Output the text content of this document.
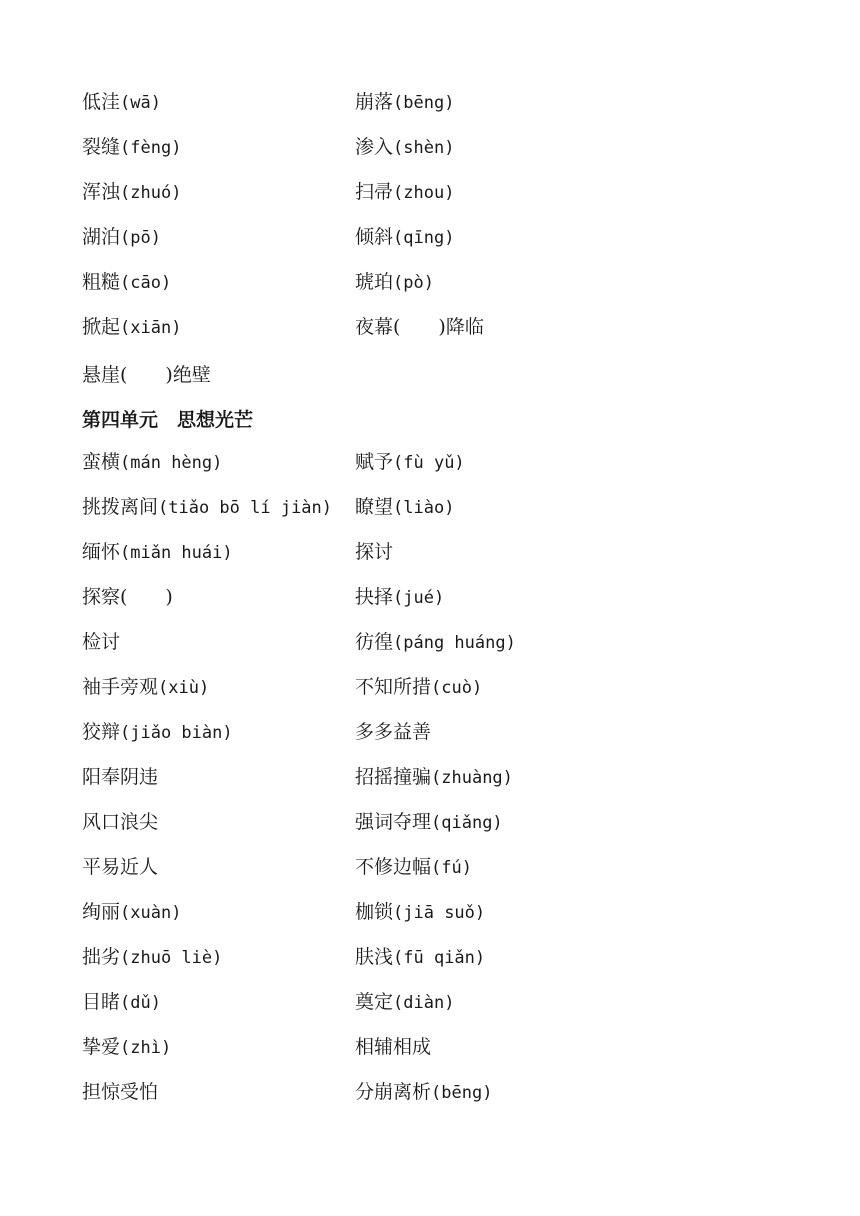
低洼(wā)	崩落(bēng)
裂缝(fèng)	渗入(shèn)
浑浊(zhuó)	扫帚(zhou)
湖泊(pō)	倾斜(qīng)
粗糙(cāo)	琥珀(pò)
掀起(xiān)	夜幕(　　)降临
悬崖(　　)绝壁
第四单元　思想光芒
蛮横(mán hèng)	赋予(fù yǔ)
挑拨离间(tiǎo bō lí jiàn) 瞭望(liào)
缅怀(miǎn huái)	探讨
探察(　　)	抉择(jué)
检讨	彷徨(páng huáng)
袖手旁观(xiù)	不知所措(cuò)
狡辩(jiǎo biàn)	多多益善
阳奉阴违	招摇撞骗(zhuàng)
风口浪尖	强词夺理(qiǎng)
平易近人	不修边幅(fú)
绚丽(xuàn)	枷锁(jiā suǒ)
拙劣(zhuō liè)	肤浅(fū qiǎn)
目睹(dǔ)	奠定(diàn)
挚爱(zhì)	相辅相成
担惊受怕	分崩离析(bēng)
